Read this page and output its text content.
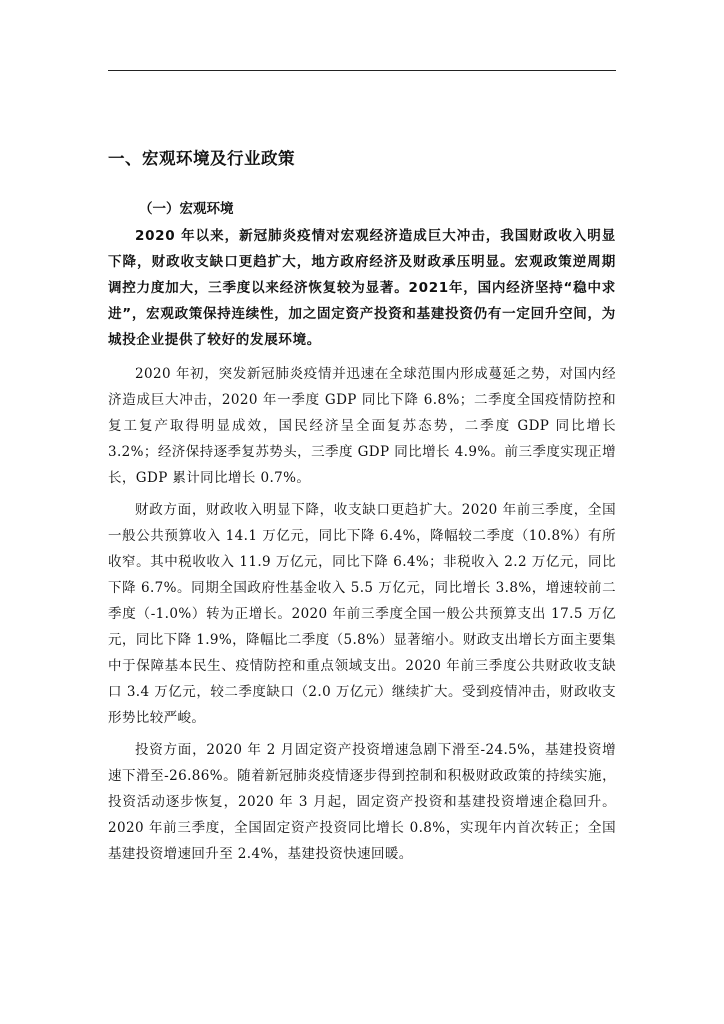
一、宏观环境及行业政策
（一）宏观环境

2020 年以来，新冠肺炎疫情对宏观经济造成巨大冲击，我国财政收入明显下降，财政收支缺口更趋扩大，地方政府经济及财政承压明显。宏观政策逆周期调控力度加大，三季度以来经济恢复较为显著。2021年，国内经济坚持“稳中求进”，宏观政策保持连续性，加之固定资产投资和基建投资仍有一定回升空间，为城投企业提供了较好的发展环境。

2020 年初，突发新冠肺炎疫情并迅速在全球范围内形成蔓延之势，对国内经济造成巨大冲击，2020 年一季度 GDP 同比下降 6.8%；二季度全国疫情防控和复工复产取得明显成效，国民经济呈全面复苏态势，二季度 GDP 同比增长 3.2%；经济保持逐季复苏势头，三季度 GDP 同比增长 4.9%。前三季度实现正增长，GDP 累计同比增长 0.7%。

财政方面，财政收入明显下降，收支缺口更趋扩大。2020 年前三季度，全国一般公共预算收入 14.1 万亿元，同比下降 6.4%，降幅较二季度（10.8%）有所收窄。其中税收收入 11.9 万亿元，同比下降 6.4%；非税收入 2.2 万亿元，同比下降 6.7%。同期全国政府性基金收入 5.5 万亿元，同比增长 3.8%，增速较前二季度（-1.0%）转为正增长。2020 年前三季度全国一般公共预算支出 17.5 万亿元，同比下降 1.9%，降幅比二季度（5.8%）显著缩小。财政支出增长方面主要集中于保障基本民生、疫情防控和重点领域支出。2020 年前三季度公共财政收支缺口 3.4 万亿元，较二季度缺口（2.0 万亿元）继续扩大。受到疫情冲击，财政收支形势比较严峻。

投资方面，2020 年 2 月固定资产投资增速急剧下滑至-24.5%，基建投资增速下滑至-26.86%。随着新冠肺炎疫情逐步得到控制和积极财政政策的持续实施，投资活动逐步恢复，2020 年 3 月起，固定资产投资和基建投资增速企稳回升。2020 年前三季度，全国固定资产投资同比增长 0.8%，实现年内首次转正；全国基建投资增速回升至 2.4%，基建投资快速回暖。
